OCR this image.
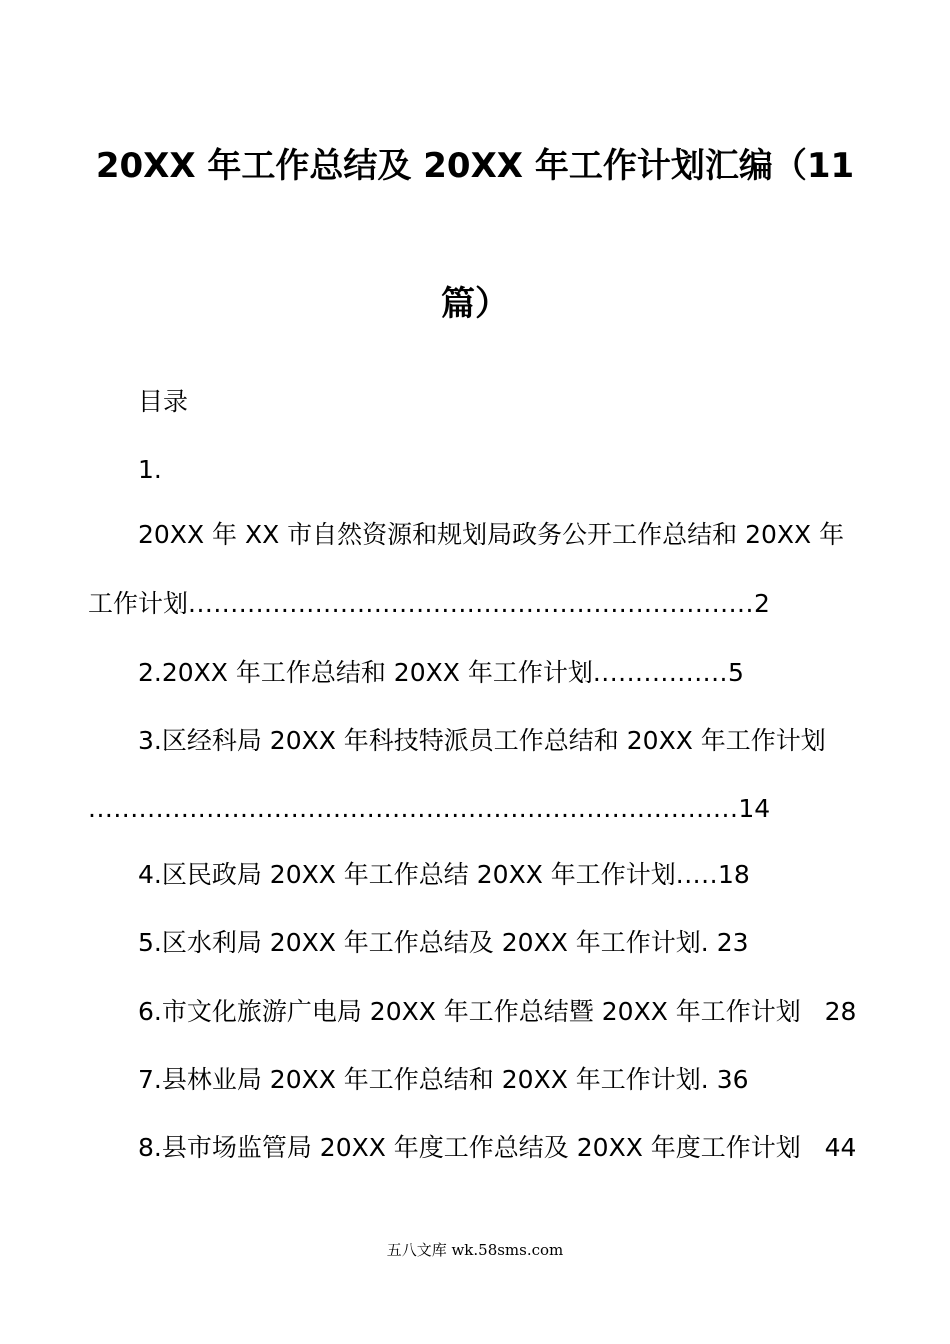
20XX 年工作总结及 20XX 年工作计划汇编（11
篇）
目录
1.
20XX 年 XX 市自然资源和规划局政务公开工作总结和 20XX 年
工作计划...................................................................2
2.20XX 年工作总结和 20XX 年工作计划................5
3.区经科局 20XX 年科技特派员工作总结和 20XX 年工作计划
.............................................................................14
4.区民政局 20XX 年工作总结 20XX 年工作计划.....18
5.区水利局 20XX 年工作总结及 20XX 年工作计划. 23
6.市文化旅游广电局 20XX 年工作总结暨 20XX 年工作计划 28
7.县林业局 20XX 年工作总结和 20XX 年工作计划. 36
8.县市场监管局 20XX 年度工作总结及 20XX 年度工作计划 44
五八文库 wk.58sms.com
